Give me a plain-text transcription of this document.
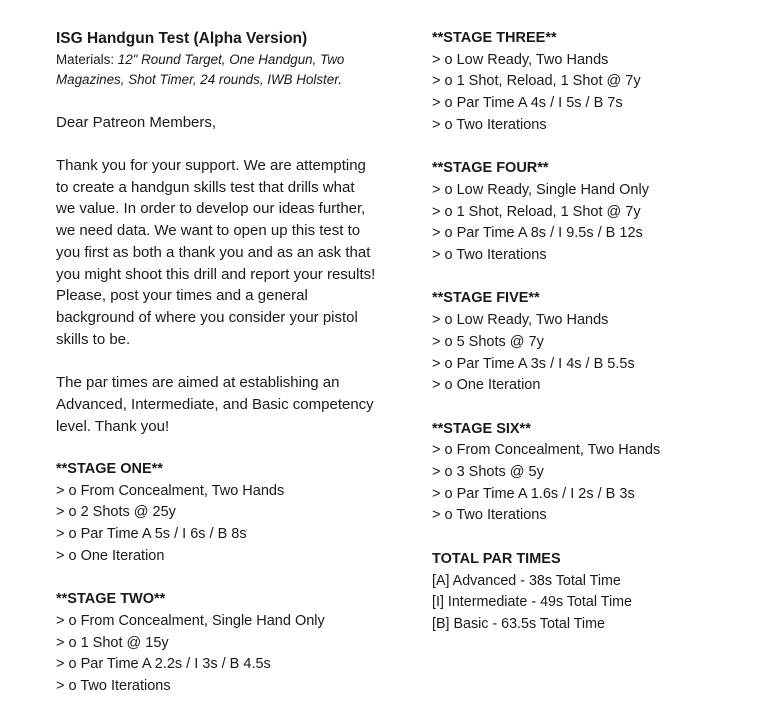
ISG Handgun Test (Alpha Version)
Materials: 12" Round Target, One Handgun, Two Magazines, Shot Timer, 24 rounds, IWB Holster.

Dear Patreon Members,

Thank you for your support. We are attempting to create a handgun skills test that drills what we value. In order to develop our ideas further, we need data. We want to open up this test to you first as both a thank you and as an ask that you might shoot this drill and report your results! Please, post your times and a general background of where you consider your pistol skills to be.

The par times are aimed at establishing an Advanced, Intermediate, and Basic competency level. Thank you!

**STAGE ONE**
> o From Concealment, Two Hands
> o 2 Shots @ 25y
> o Par Time A 5s / I 6s / B 8s
> o One Iteration
**STAGE TWO**
> o From Concealment, Single Hand Only
> o 1 Shot @ 15y
> o Par Time A 2.2s / I 3s / B 4.5s
> o Two Iterations
**STAGE THREE**
> o Low Ready, Two Hands
> o 1 Shot, Reload, 1 Shot @ 7y
> o Par Time A 4s / I 5s / B 7s
> o Two Iterations
**STAGE FOUR**
> o Low Ready, Single Hand Only
> o 1 Shot, Reload, 1 Shot @ 7y
> o Par Time A 8s / I 9.5s / B 12s
> o Two Iterations
**STAGE FIVE**
> o Low Ready, Two Hands
> o 5 Shots @ 7y
> o Par Time A 3s / I 4s / B 5.5s
> o One Iteration
**STAGE SIX**
> o From Concealment, Two Hands
> o 3 Shots @ 5y
> o Par Time A 1.6s / I 2s / B 3s
> o Two Iterations
TOTAL PAR TIMES
[A] Advanced - 38s Total Time
[I] Intermediate - 49s Total Time
[B] Basic - 63.5s Total Time
